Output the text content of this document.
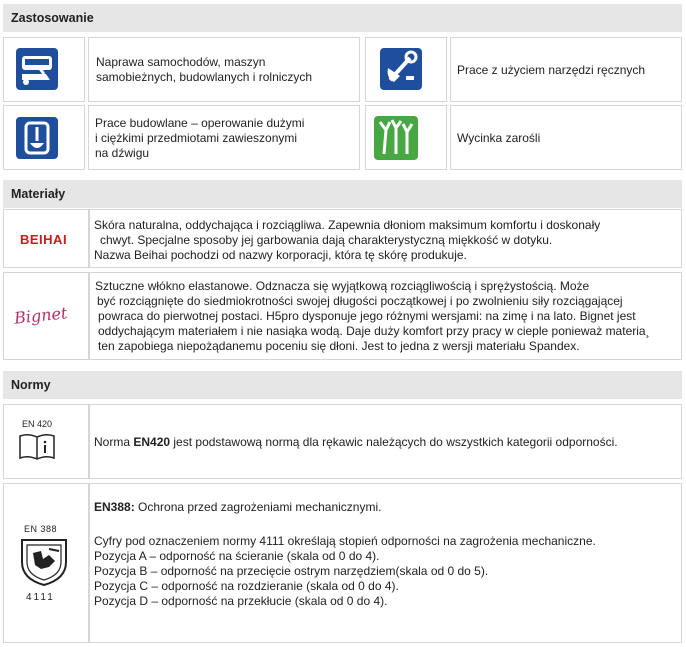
Zastosowanie
Naprawa samochodów, maszyn
samobieżnych, budowlanych i rolniczych	Prace z użyciem narzędzi ręcznych
Prace budowlane – operowanie dużymi
i ciężkimi przedmiotami zawieszonymi
na dźwigu
Wycinka zarośli
Materiały
BEIHAI
Skóra naturalna, oddychająca i rozciągliwa. Zapewnia dłoniom maksimum komfortu i doskonały
chwyt. Specjalne sposoby jej garbowania dają charakterystyczną miękkość w dotyku.
Nazwa Beihai pochodzi od nazwy korporacji, która tę skórę produkuje.
Bignet
Sztuczne włókno elastanowe. Odznacza się wyjątkową rozciągliwością i sprężystością. Może
być rozciągnięte do siedmiokrotności swojej długości początkowej i po zwolnieniu siły rozciągającej
powraca do pierwotnej postaci. H5pro dysponuje jego różnymi wersjami: na zimę i na lato. Bignet jest
oddychającym materiałem i nie nasiąka wodą. Daje duży komfort przy pracy w cieple ponieważ materia¸
ten zapobiega niepożądanemu poceniu się dłoni. Jest to jedna z wersji materiału Spandex.
Normy
EN 420
Norma EN420 jest podstawową normą dla rękawic należących do wszystkich kategorii odporności.
EN 388
4111
EN388: Ochrona przed zagrożeniami mechanicznymi.
Cyfry pod oznaczeniem normy 4111 określają stopień odporności na zagrożenia mechaniczne.
Pozycja A – odporność na ścieranie (skala od 0 do 4).
Pozycja B – odporność na przecięcie ostrym narzędziem(skala od 0 do 5).
Pozycja C – odporność na rozdzieranie (skala od 0 do 4).
Pozycja D – odporność na przekłucie (skala od 0 do 4).
